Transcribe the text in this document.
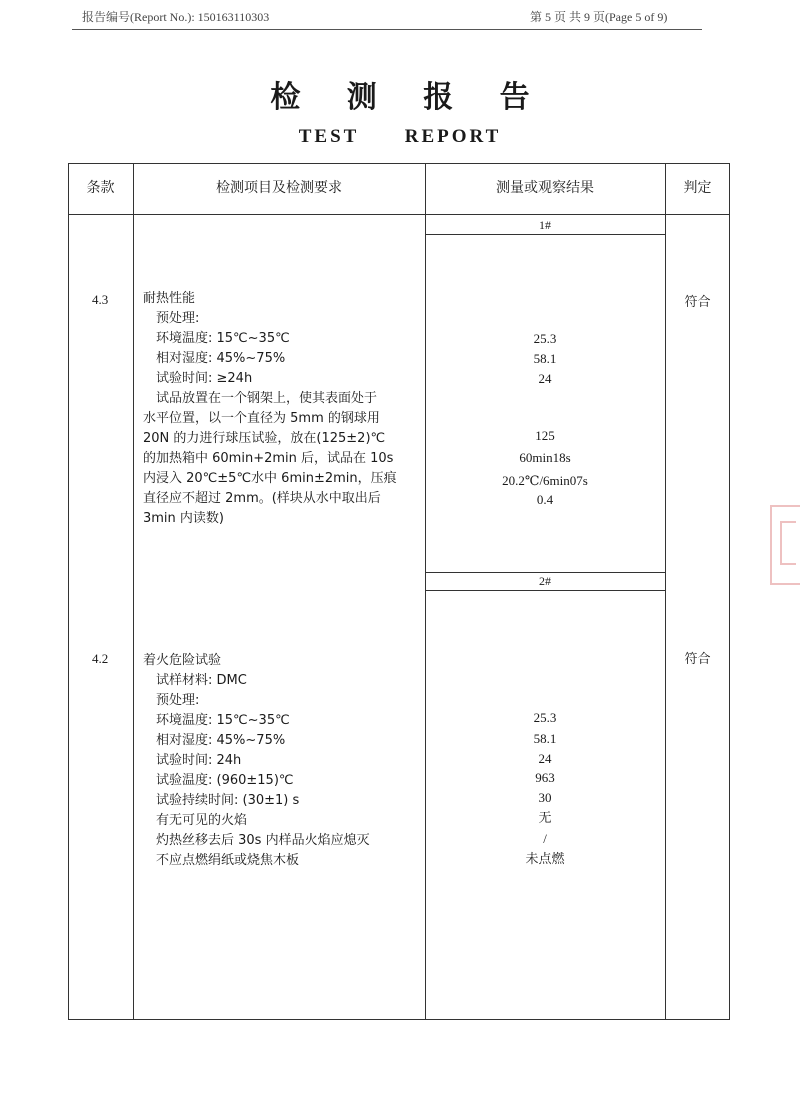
报告编号(Report No.): 150163110303	第 5 页 共 9 页(Page 5 of 9)
检 测 报 告
TEST REPORT
条款	检测项目及检测要求	测量或观察结果	判定
1#
4.3	符合
耐热性能
　预处理:
　环境温度: 15℃~35℃	25.3
　相对湿度: 45%~75%	58.1
　试验时间: ≥24h	24
　试品放置在一个钢架上，使其表面处于
水平位置，以一个直径为 5mm 的钢球用
20N 的力进行球压试验，放在(125±2)℃	125
的加热箱中 60min+2min 后，试品在 10s	60min18s
内浸入 20℃±5℃水中 6min±2min，压痕	20.2℃/6min07s
直径应不超过 2mm。(样块从水中取出后	0.4
3min 内读数)
2#
4.2	符合
着火危险试验
　试样材料: DMC
　预处理:
　环境温度: 15℃~35℃	25.3
　相对湿度: 45%~75%	58.1
　试验时间: 24h	24
　试验温度: (960±15)℃	963
　试验持续时间: (30±1) s	30
　有无可见的火焰	无
　灼热丝移去后 30s 内样品火焰应熄灭	/
　不应点燃绢纸或烧焦木板	未点燃
